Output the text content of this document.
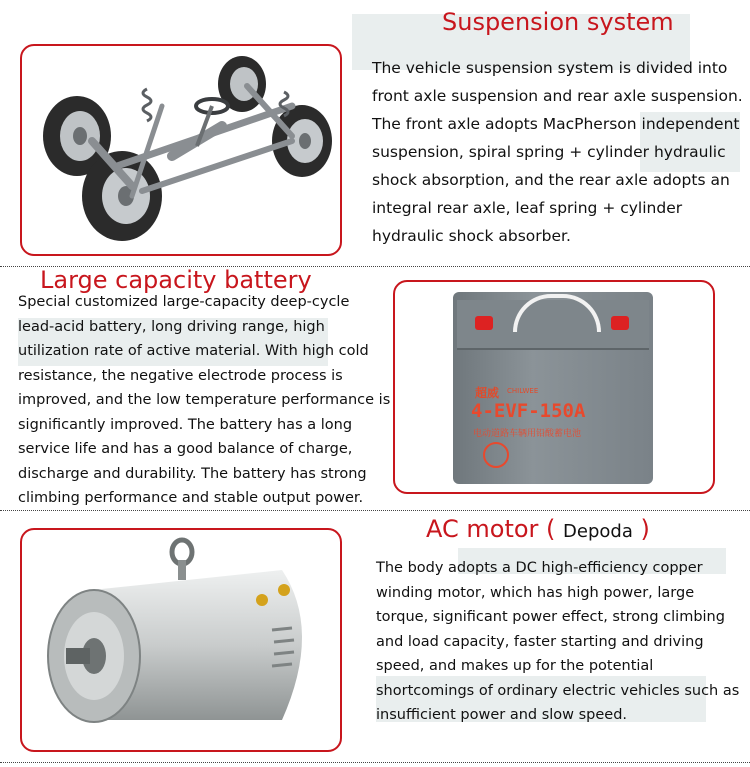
Suspension system
The vehicle suspension system is divided into
front axle suspension and rear axle suspension.
The front axle adopts MacPherson independent
suspension, spiral spring + cylinder hydraulic
shock absorption, and the rear axle adopts an
integral rear axle, leaf spring + cylinder
hydraulic shock absorber.
Large capacity battery
Special customized large-capacity deep-cycle
lead-acid battery, long driving range, high
utilization rate of active material. With high cold
resistance, the negative electrode process is
improved, and the low temperature performance is
significantly improved. The battery has a long
service life and has a good balance of charge,
discharge and durability. The battery has strong
climbing performance and stable output power.
超威 CHILWEE
4-EVF-150A
电动道路车辆用铅酸蓄电池
AC motor ( Depoda )
The body adopts a DC high-efficiency copper
winding motor, which has high power, large
torque, significant power effect, strong climbing
and load capacity, faster starting and driving
speed, and makes up for the potential
shortcomings of ordinary electric vehicles such as
insufficient power and slow speed.
